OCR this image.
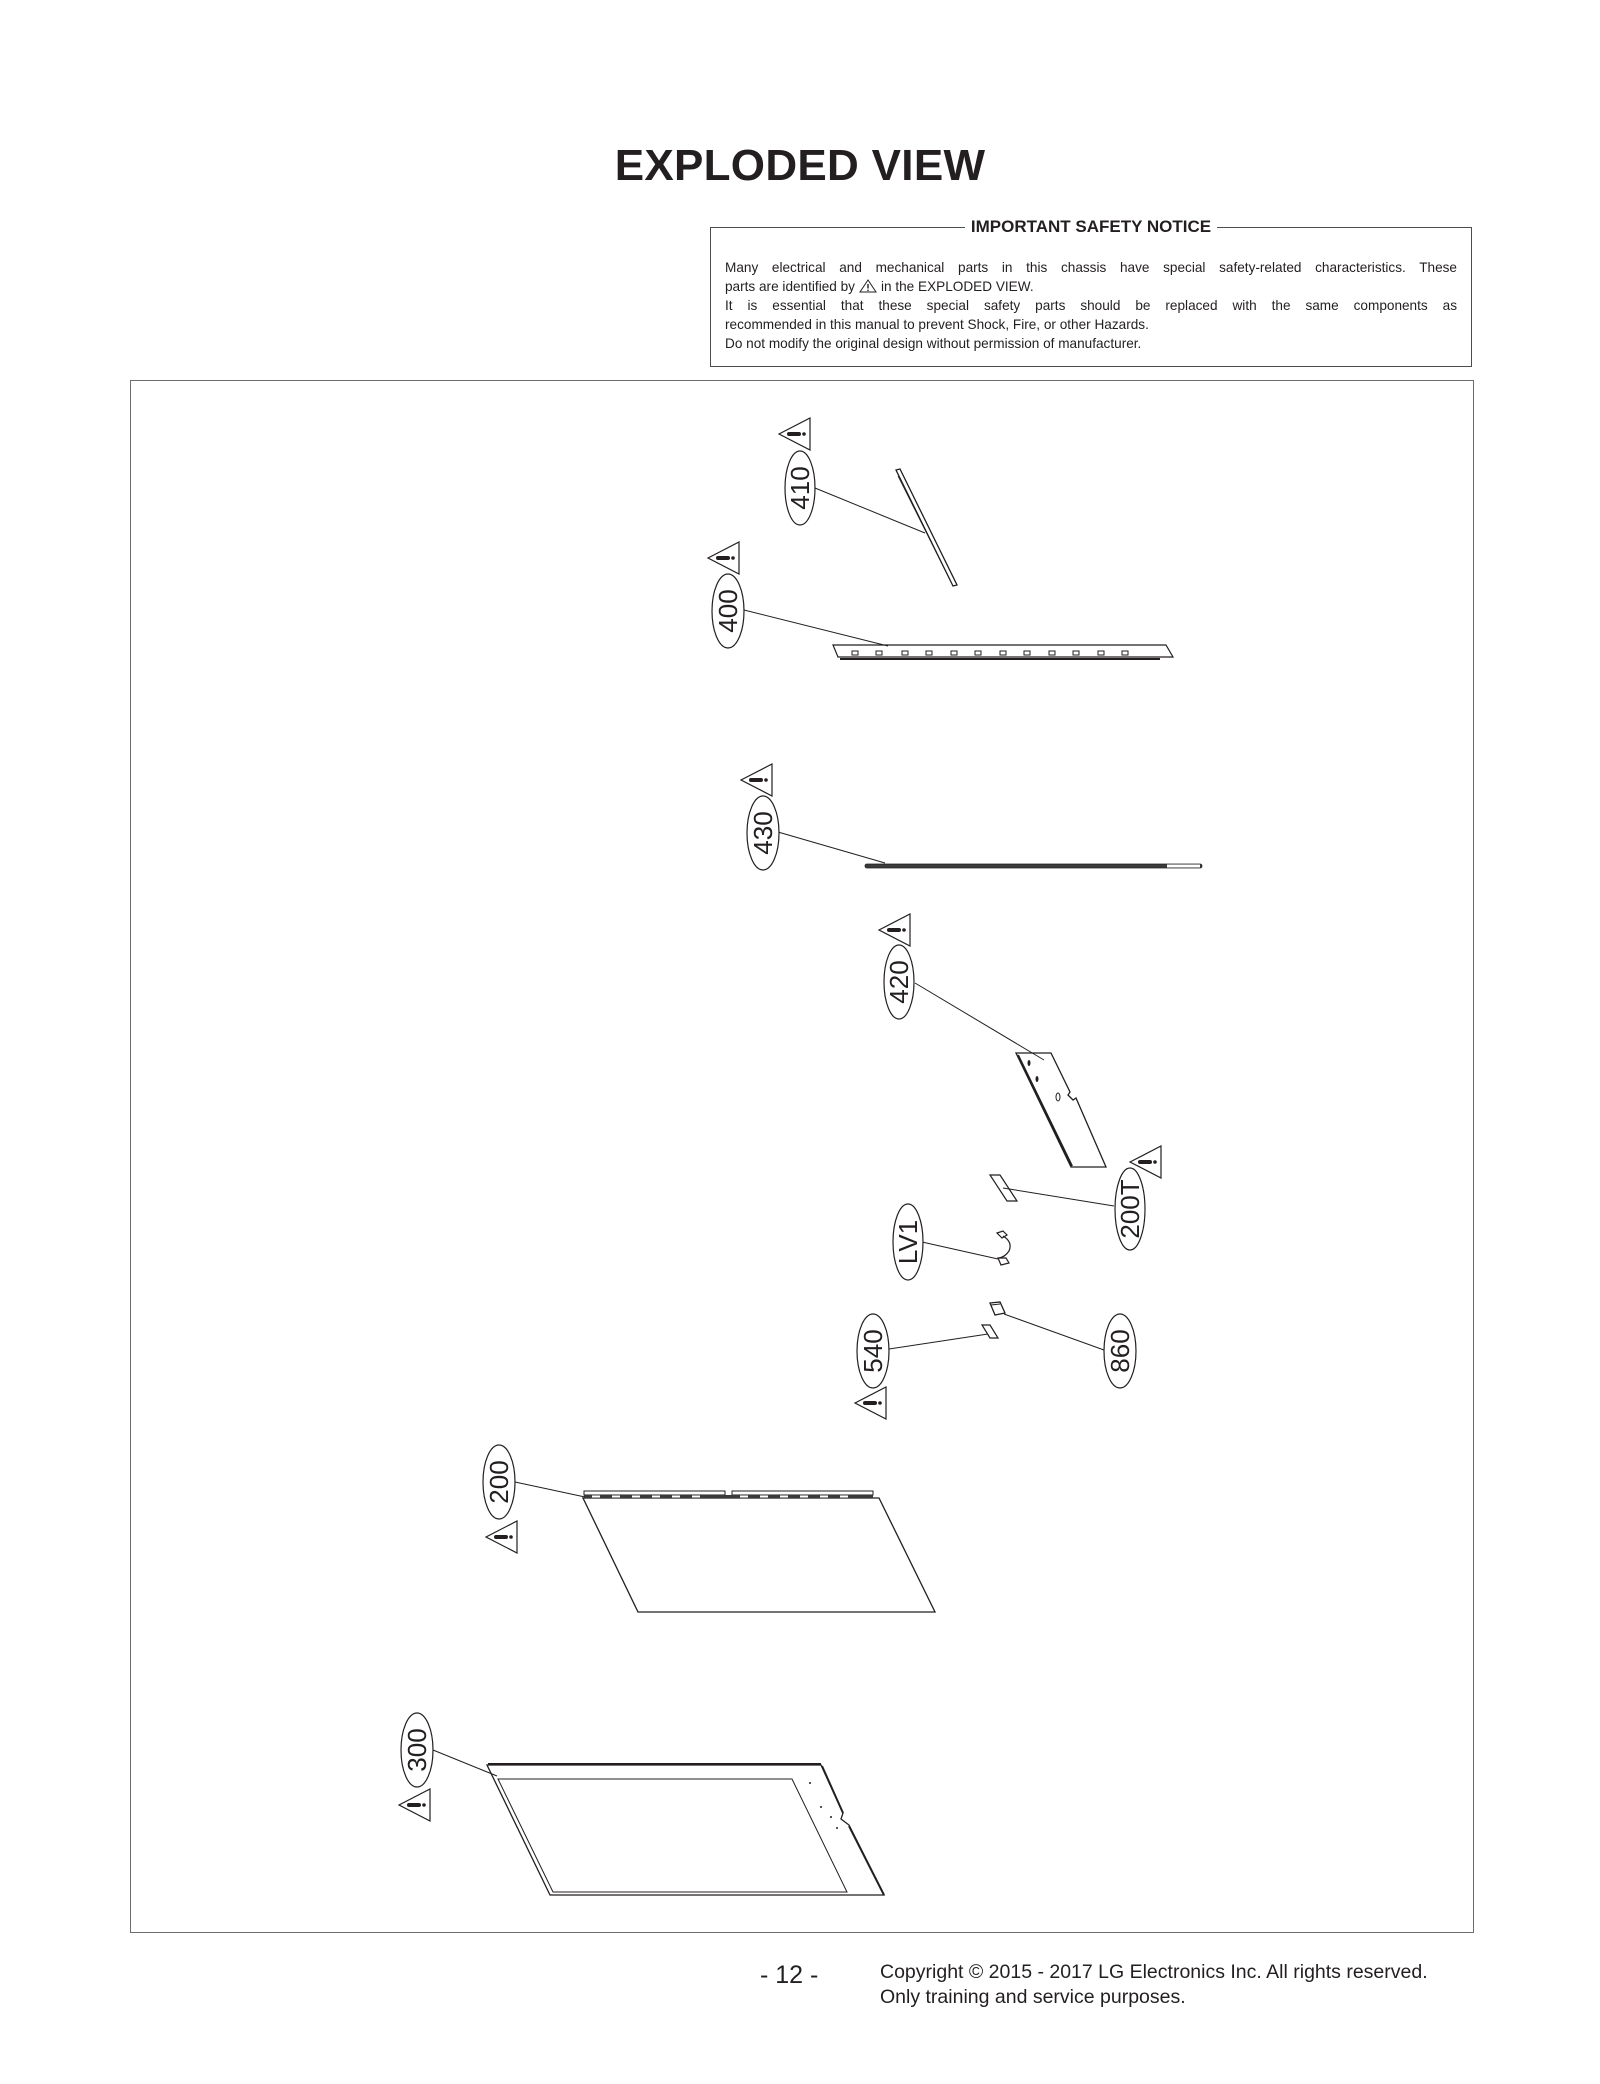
EXPLODED VIEW
IMPORTANT SAFETY NOTICE

Many electrical and mechanical parts in this chassis have special safety-related characteristics. These

parts are identified by in the EXPLODED VIEW.

It is essential that these special safety parts should be replaced with the same components as

recommended in this manual to prevent Shock, Fire, or other Hazards.

Do not modify the original design without permission of manufacturer.

410
400
430
420
200T
LV1
860
540
200
300
- 12 -	Copyright © 2015 - 2017 LG Electronics Inc. All rights reserved.
Only training and service purposes.
